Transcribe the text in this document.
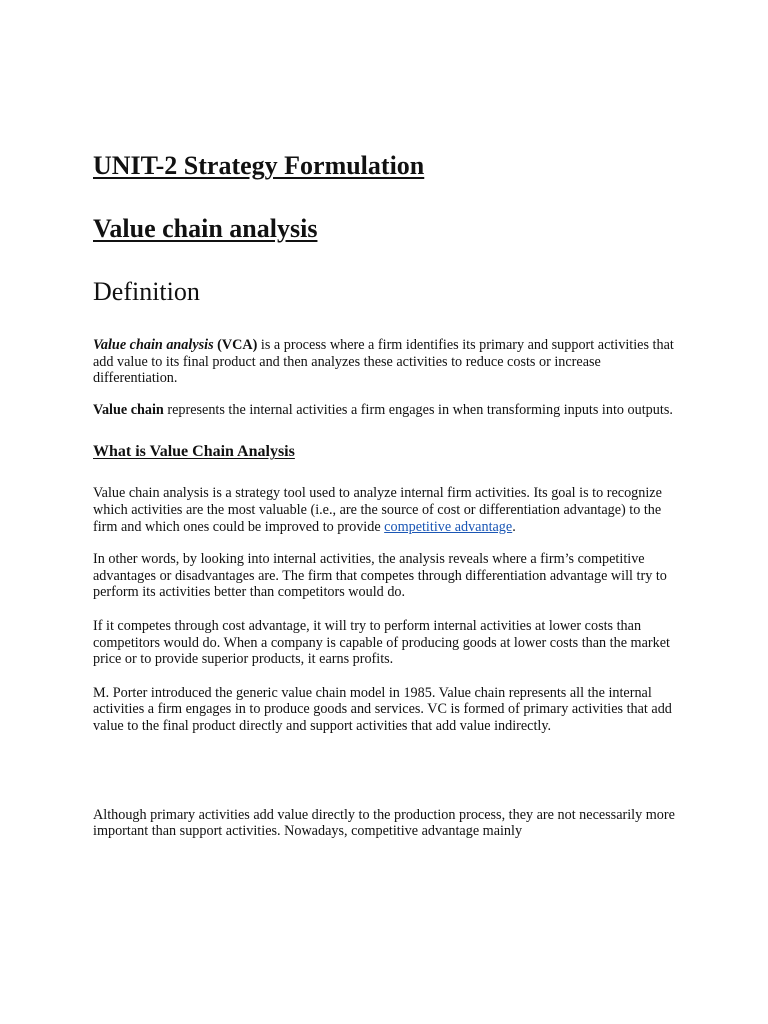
UNIT-2 Strategy Formulation
Value chain analysis
Definition

Value chain analysis (VCA) is a process where a firm identifies its primary and support activities that add value to its final product and then analyzes these activities to reduce costs or increase differentiation.

Value chain represents the internal activities a firm engages in when transforming inputs into outputs.

What is Value Chain Analysis

Value chain analysis is a strategy tool used to analyze internal firm activities. Its goal is to recognize which activities are the most valuable (i.e., are the source of cost or differentiation advantage) to the firm and which ones could be improved to provide competitive advantage.

In other words, by looking into internal activities, the analysis reveals where a firm’s competitive advantages or disadvantages are. The firm that competes through differentiation advantage will try to perform its activities better than competitors would do.

If it competes through cost advantage, it will try to perform internal activities at lower costs than competitors would do. When a company is capable of producing goods at lower costs than the market price or to provide superior products, it earns profits.

M. Porter introduced the generic value chain model in 1985. Value chain represents all the internal activities a firm engages in to produce goods and services. VC is formed of primary activities that add value to the final product directly and support activities that add value indirectly.

Although primary activities add value directly to the production process, they are not necessarily more important than support activities. Nowadays, competitive advantage mainly
